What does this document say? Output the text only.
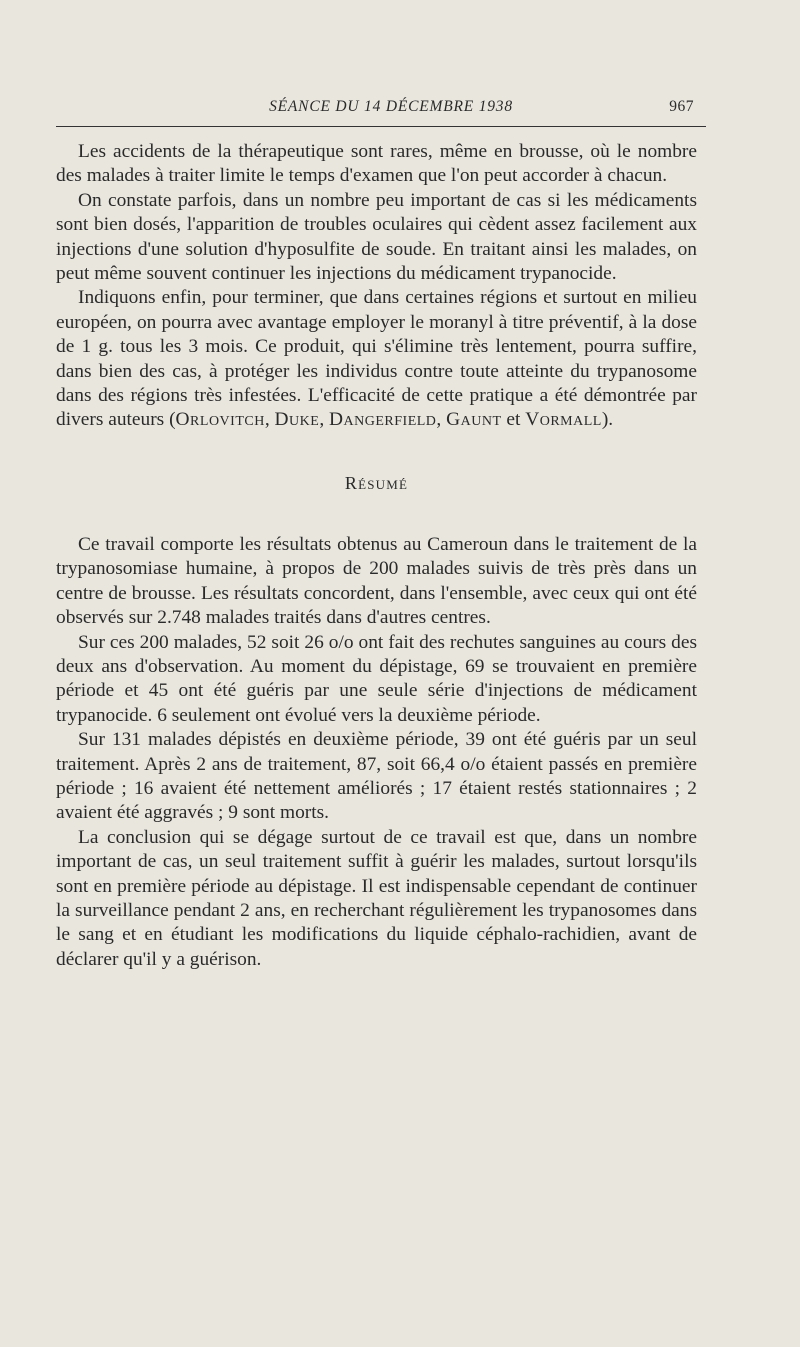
SÉANCE DU 14 DÉCEMBRE 1938	967

Les accidents de la thérapeutique sont rares, même en brousse, où le nombre des malades à traiter limite le temps d'examen que l'on peut accorder à chacun.

On constate parfois, dans un nombre peu important de cas si les médicaments sont bien dosés, l'apparition de troubles oculaires qui cèdent assez facilement aux injections d'une solution d'hyposulfite de soude. En traitant ainsi les malades, on peut même souvent continuer les injections du médicament trypanocide.

Indiquons enfin, pour terminer, que dans certaines régions et surtout en milieu européen, on pourra avec avantage employer le moranyl à titre préventif, à la dose de 1 g. tous les 3 mois. Ce produit, qui s'élimine très lentement, pourra suffire, dans bien des cas, à protéger les individus contre toute atteinte du trypanosome dans des régions très infestées. L'efficacité de cette pratique a été démontrée par divers auteurs (Orlovitch, Duke, Dangerfield, Gaunt et Vormall).

Résumé

Ce travail comporte les résultats obtenus au Cameroun dans le traitement de la trypanosomiase humaine, à propos de 200 malades suivis de très près dans un centre de brousse. Les résultats concordent, dans l'ensemble, avec ceux qui ont été observés sur 2.748 malades traités dans d'autres centres.

Sur ces 200 malades, 52 soit 26 o/o ont fait des rechutes sanguines au cours des deux ans d'observation. Au moment du dépistage, 69 se trouvaient en première période et 45 ont été guéris par une seule série d'injections de médicament trypanocide. 6 seulement ont évolué vers la deuxième période.

Sur 131 malades dépistés en deuxième période, 39 ont été guéris par un seul traitement. Après 2 ans de traitement, 87, soit 66,4 o/o étaient passés en première période ; 16 avaient été nettement améliorés ; 17 étaient restés stationnaires ; 2 avaient été aggravés ; 9 sont morts.

La conclusion qui se dégage surtout de ce travail est que, dans un nombre important de cas, un seul traitement suffit à guérir les malades, surtout lorsqu'ils sont en première période au dépistage. Il est indispensable cependant de continuer la surveillance pendant 2 ans, en recherchant régulièrement les trypanosomes dans le sang et en étudiant les modifications du liquide céphalo-rachidien, avant de déclarer qu'il y a guérison.
